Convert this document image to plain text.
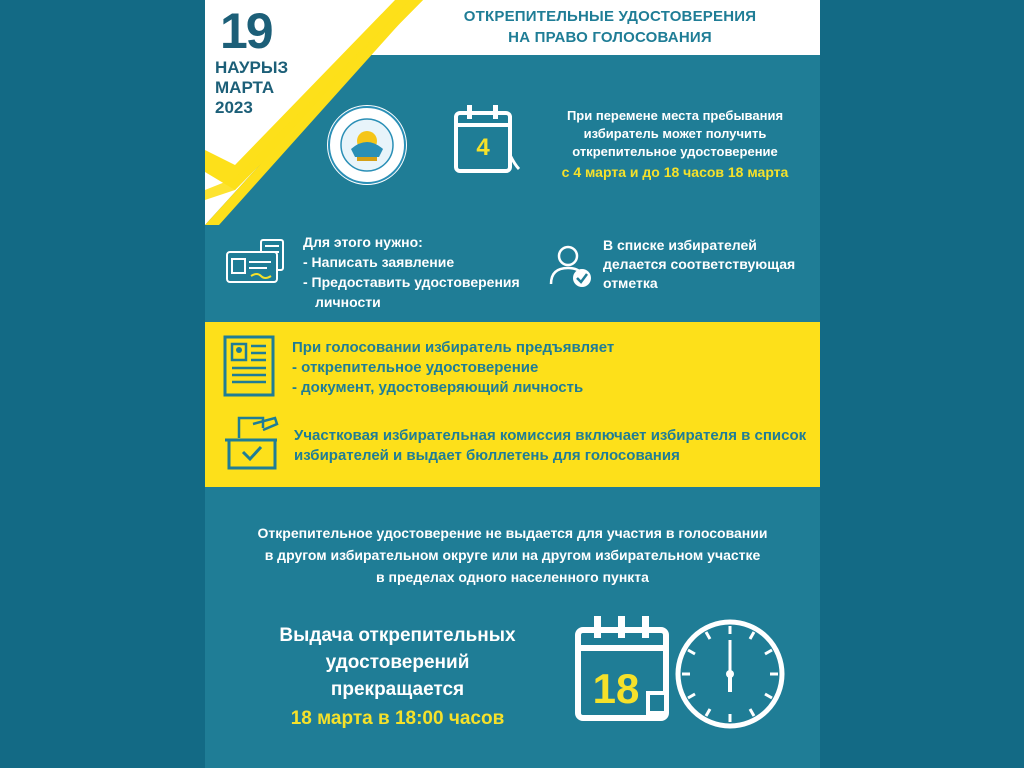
19
НАУРЫЗ
МАРТА
2023
ОТКРЕПИТЕЛЬНЫЕ УДОСТОВЕРЕНИЯ
НА ПРАВО ГОЛОСОВАНИЯ
4
При перемене места пребывания
избиратель может получить
открепительное удостоверение
с 4 марта и до 18 часов 18 марта
Для этого нужно:
- Написать заявление
- Предоставить удостоверения
личности
В списке избирателей
делается соответствующая
отметка
При голосовании избиратель предъявляет
- открепительное удостоверение
- документ, удостоверяющий личность
Участковая избирательная комиссия включает избирателя в список
избирателей и выдает бюллетень для голосования
Открепительное удостоверение не выдается для участия в голосовании
в другом избирательном округе или на другом избирательном участке
в пределах одного населенного пункта
Выдача открепительных
удостоверений
прекращается
18 марта в 18:00 часов
18
